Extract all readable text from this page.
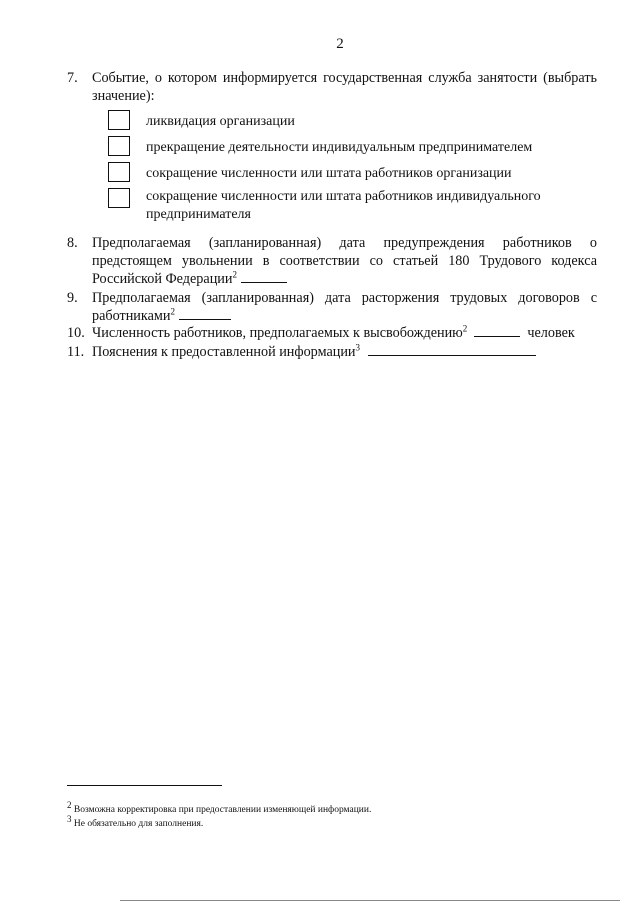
2
7. Событие, о котором информируется государственная служба занятости (выбрать значение):
ликвидация организации
прекращение деятельности индивидуальным предпринимателем
сокращение численности или штата работников организации
сокращение численности или штата работников индивидуального предпринимателя
8. Предполагаемая (запланированная) дата предупреждения работников о предстоящем увольнении в соответствии со статьей 180 Трудового кодекса Российской Федерации$^2$
9. Предполагаемая (запланированная) дата расторжения трудовых договоров с работниками$^2$
10. Численность работников, предполагаемых к высвобождению$^2$	человек
11. Пояснения к предоставленной информации$^3$
$^2$ Возможна корректировка при предоставлении изменяющей информации.
$^3$ Не обязательно для заполнения.
